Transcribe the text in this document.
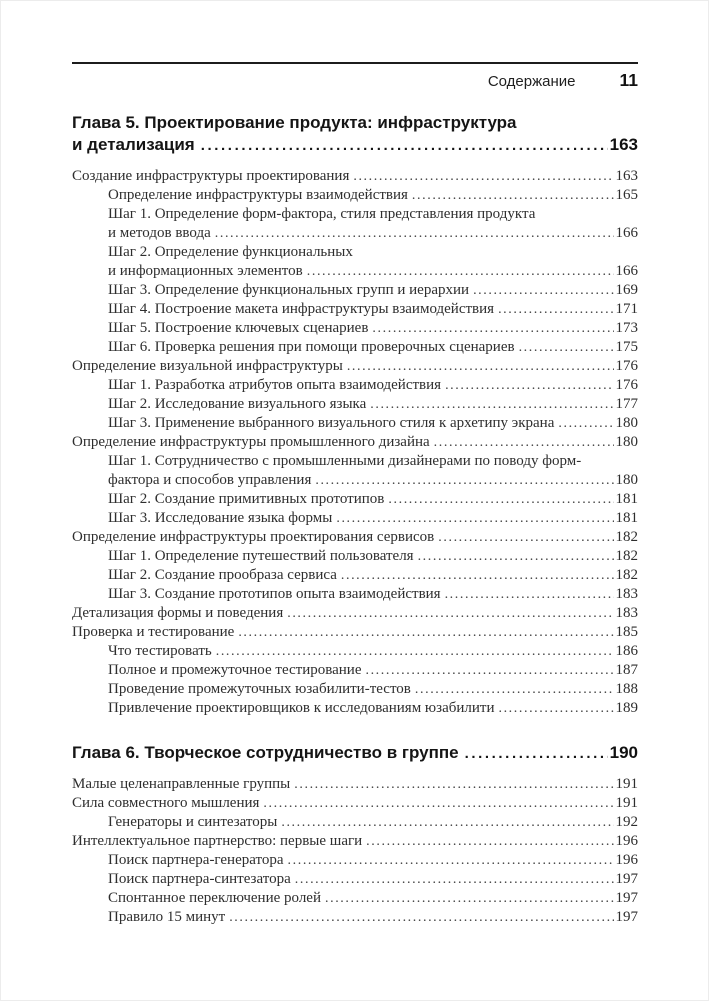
Содержание	11
Глава 5. Проектирование продукта: инфраструктура
и детализация .....	163
Создание инфраструктуры проектирования .....	163
Определение инфраструктуры взаимодействия .....	165
Шаг 1. Определение форм-фактора, стиля представления продукта
и методов ввода .....	166
Шаг 2. Определение функциональных
и информационных элементов .....	166
Шаг 3. Определение функциональных групп и иерархии .....	169
Шаг 4. Построение макета инфраструктуры взаимодействия .....	171
Шаг 5. Построение ключевых сценариев .....	173
Шаг 6. Проверка решения при помощи проверочных сценариев .....	175
Определение визуальной инфраструктуры .....	176
Шаг 1. Разработка атрибутов опыта взаимодействия .....	176
Шаг 2. Исследование визуального языка .....	177
Шаг 3. Применение выбранного визуального стиля к архетипу экрана .....	180
Определение инфраструктуры промышленного дизайна .....	180
Шаг 1. Сотрудничество с промышленными дизайнерами по поводу форм-
фактора и способов управления .....	180
Шаг 2. Создание примитивных прототипов .....	181
Шаг 3. Исследование языка формы .....	181
Определение инфраструктуры проектирования сервисов .....	182
Шаг 1. Определение путешествий пользователя .....	182
Шаг 2. Создание прообраза сервиса .....	182
Шаг 3. Создание прототипов опыта взаимодействия .....	183
Детализация формы и поведения .....	183
Проверка и тестирование .....	185
Что тестировать .....	186
Полное и промежуточное тестирование .....	187
Проведение промежуточных юзабилити-тестов .....	188
Привлечение проектировщиков к исследованиям юзабилити .....	189
Глава 6. Творческое сотрудничество в группе .....	190
Малые целенаправленные группы .....	191
Сила совместного мышления .....	191
Генераторы и синтезаторы .....	192
Интеллектуальное партнерство: первые шаги .....	196
Поиск партнера-генератора .....	196
Поиск партнера-синтезатора .....	197
Спонтанное переключение ролей .....	197
Правило 15 минут .....	197
